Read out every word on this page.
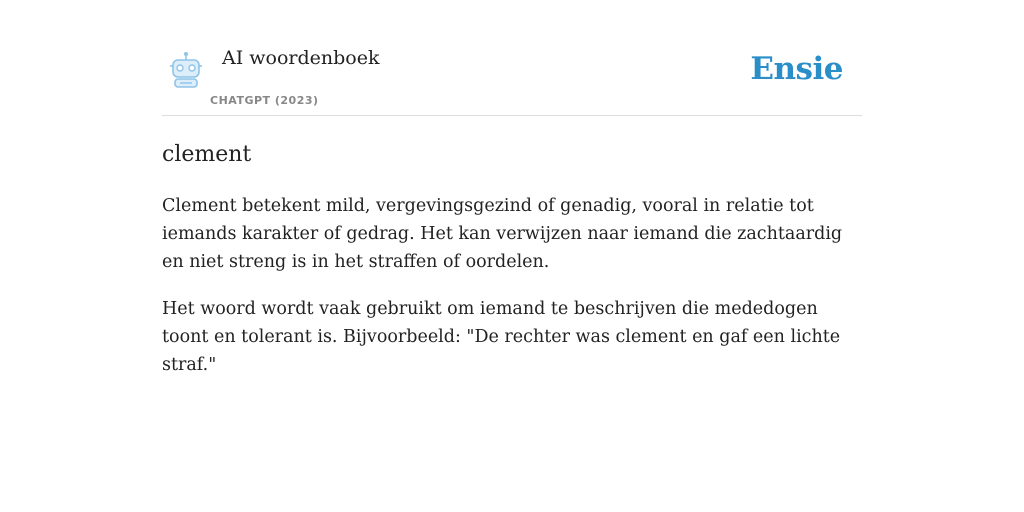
AI woordenboek
CHATGPT (2023)
Ensie
clement

Clement betekent mild, vergevingsgezind of genadig, vooral in relatie tot iemands karakter of gedrag. Het kan verwijzen naar iemand die zachtaardig en niet streng is in het straffen of oordelen.

Het woord wordt vaak gebruikt om iemand te beschrijven die mededogen toont en tolerant is. Bijvoorbeeld: "De rechter was clement en gaf een lichte straf."
